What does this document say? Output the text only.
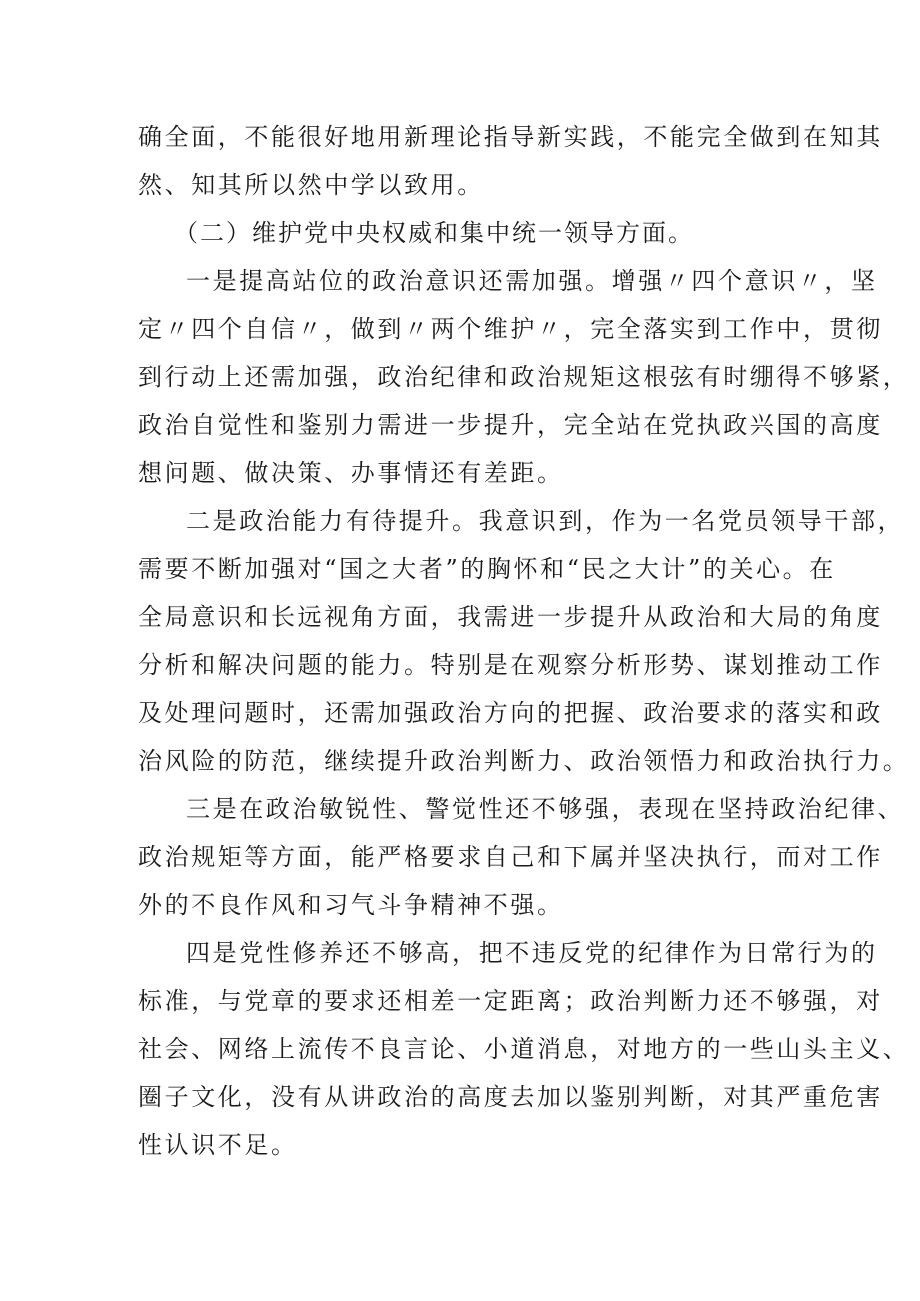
确全面，不能很好地用新理论指导新实践，不能完全做到在知其
然、知其所以然中学以致用。
（二）维护党中央权威和集中统一领导方面。
一是提高站位的政治意识还需加强。增强〃四个意识〃，坚
定〃四个自信〃，做到〃两个维护〃，完全落实到工作中，贯彻
到行动上还需加强，政治纪律和政治规矩这根弦有时绷得不够紧，
政治自觉性和鉴别力需进一步提升，完全站在党执政兴国的高度
想问题、做决策、办事情还有差距。
二是政治能力有待提升。我意识到，作为一名党员领导干部，
需要不断加强对“国之大者”的胸怀和“民之大计”的关心。在
全局意识和长远视角方面，我需进一步提升从政治和大局的角度
分析和解决问题的能力。特别是在观察分析形势、谋划推动工作
及处理问题时，还需加强政治方向的把握、政治要求的落实和政
治风险的防范，继续提升政治判断力、政治领悟力和政治执行力。
三是在政治敏锐性、警觉性还不够强，表现在坚持政治纪律、
政治规矩等方面，能严格要求自己和下属并坚决执行，而对工作
外的不良作风和习气斗争精神不强。
四是党性修养还不够高，把不违反党的纪律作为日常行为的
标准，与党章的要求还相差一定距离；政治判断力还不够强，对
社会、网络上流传不良言论、小道消息，对地方的一些山头主义、
圈子文化，没有从讲政治的高度去加以鉴别判断，对其严重危害
性认识不足。
